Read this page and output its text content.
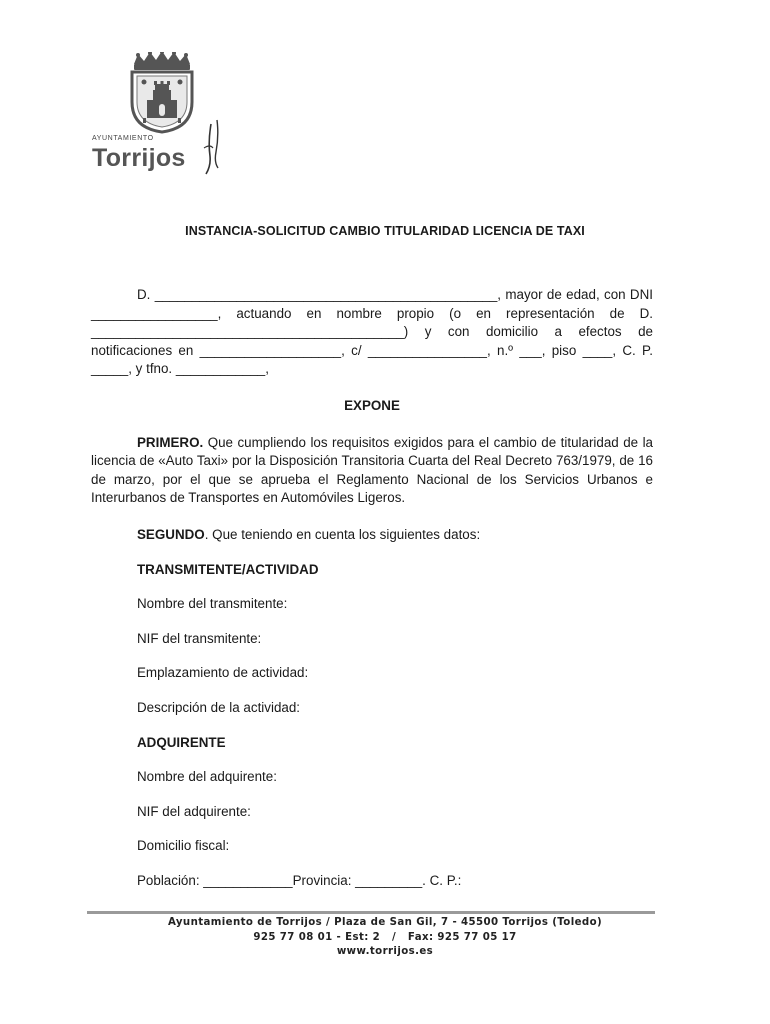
AYUNTAMIENTO
Torrijos
INSTANCIA-SOLICITUD CAMBIO TITULARIDAD LICENCIA DE TAXI

D. ______________________________________________, mayor de edad, con DNI _________________, actuando en nombre propio (o en representación de D. __________________________________________) y con domicilio a efectos de notificaciones en ___________________, c/ ________________, n.º ___, piso ____, C. P. _____, y tfno. ____________,

EXPONE

PRIMERO. Que cumpliendo los requisitos exigidos para el cambio de titularidad de la licencia de «Auto Taxi» por la Disposición Transitoria Cuarta del Real Decreto 763/1979, de 16 de marzo, por el que se aprueba el Reglamento Nacional de los Servicios Urbanos e Interurbanos de Transportes en Automóviles Ligeros.

SEGUNDO. Que teniendo en cuenta los siguientes datos:

TRANSMITENTE/ACTIVIDAD
Nombre del transmitente:
NIF del transmitente:
Emplazamiento de actividad:
Descripción de la actividad:
ADQUIRENTE
Nombre del adquirente:
NIF del adquirente:
Domicilio fiscal:
Población: ____________Provincia: _________. C. P.:
Ayuntamiento de Torrijos / Plaza de San Gil, 7 - 45500 Torrijos (Toledo)
925 77 08 01 - Est: 2   /   Fax: 925 77 05 17
www.torrijos.es
